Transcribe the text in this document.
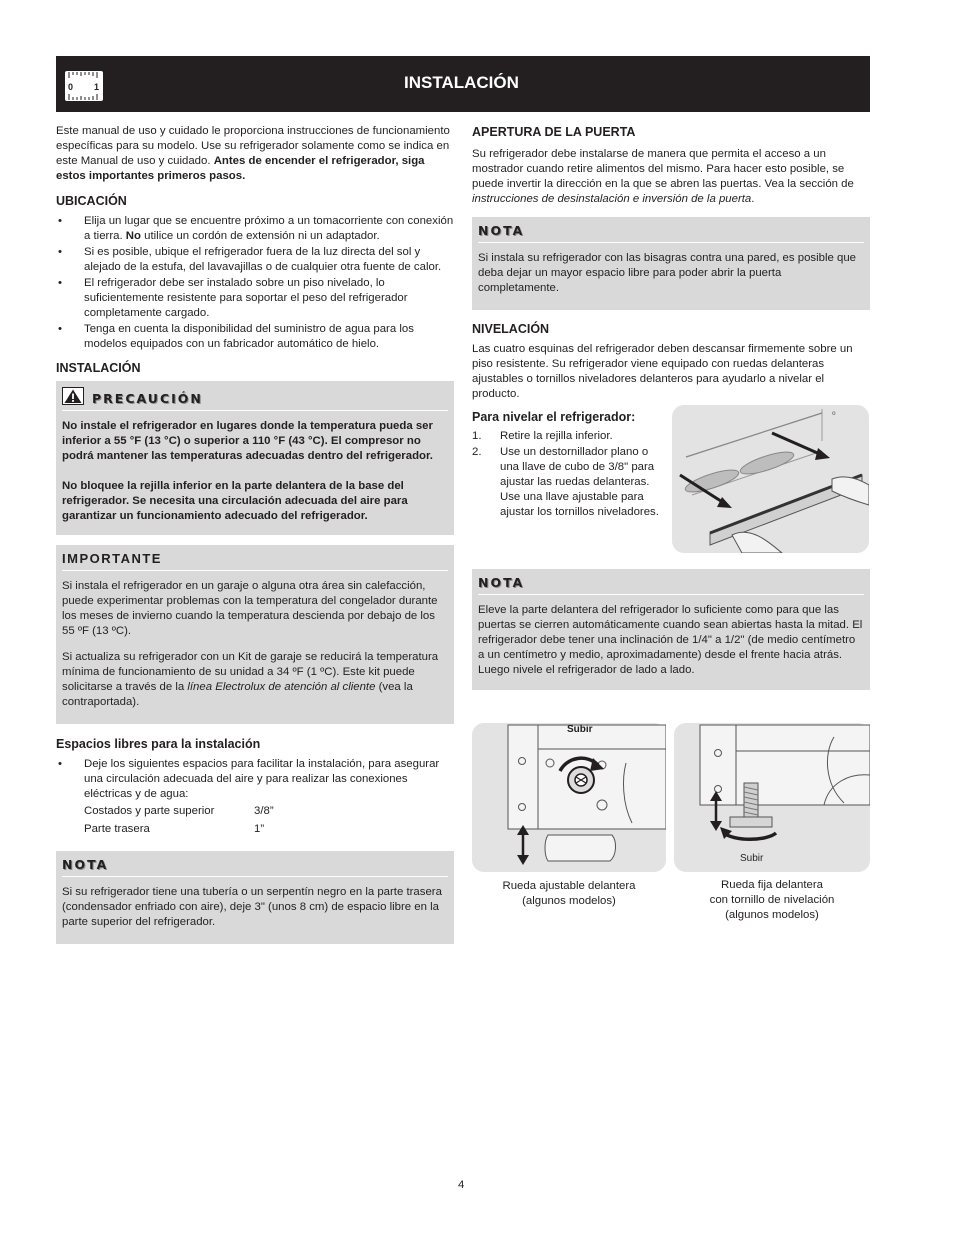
0 1	INSTALACIÓN

Este manual de uso y cuidado le proporciona instrucciones de funcionamiento específicas para su modelo. Use su refrigerador solamente como se indica en este Manual de uso y cuidado. Antes de encender el refrigerador, siga estos importantes primeros pasos.

UBICACIÓN
• Elija un lugar que se encuentre próximo a un tomacorriente con conexión a tierra. No utilice un cordón de extensión ni un adaptador.
• Si es posible, ubique el refrigerador fuera de la luz directa del sol y alejado de la estufa, del lavavajillas o de cualquier otra fuente de calor.
• El refrigerador debe ser instalado sobre un piso nivelado, lo suficientemente resistente para soportar el peso del refrigerador completamente cargado.
• Tenga en cuenta la disponibilidad del suministro de agua para los modelos equipados con un fabricador automático de hielo.
INSTALACIÓN
PRECAUCIÓN

No instale el refrigerador en lugares donde la temperatura pueda ser inferior a 55 °F (13 °C) o superior a 110 °F (43 °C). El compresor no podrá mantener las temperaturas adecuadas dentro del refrigerador.

No bloquee la rejilla inferior en la parte delantera de la base del refrigerador. Se necesita una circulación adecuada del aire para garantizar un funcionamiento adecuado del refrigerador.

IMPORTANTE

Si instala el refrigerador en un garaje o alguna otra área sin calefacción, puede experimentar problemas con la temperatura del congelador durante los meses de invierno cuando la temperatura descienda por debajo de los 55 ºF (13 ºC).

Si actualiza su refrigerador con un Kit de garaje se reducirá la temperatura mínima de funcionamiento de su unidad a 34 ºF (1 ºC). Este kit puede solicitarse a través de la línea Electrolux de atención al cliente (vea la contraportada).

Espacios libres para la instalación
• Deje los siguientes espacios para facilitar la instalación, para asegurar una circulación adecuada del aire y para realizar las conexiones eléctricas y de agua:
Costados y parte superior	3/8”
Parte trasera	1”
NOTA

Si su refrigerador tiene una tubería o un serpentín negro en la parte trasera (condensador enfriado con aire), deje 3" (unos 8 cm) de espacio libre en la parte superior del refrigerador.

APERTURA DE LA PUERTA

Su refrigerador debe instalarse de manera que permita el acceso a un mostrador cuando retire alimentos del mismo. Para hacer esto posible, se puede invertir la dirección en la que se abren las puertas. Vea la sección de instrucciones de desinstalación e inversión de la puerta.

NOTA

Si instala su refrigerador con las bisagras contra una pared, es posible que deba dejar un mayor espacio libre para poder abrir la puerta completamente.

NIVELACIÓN

Las cuatro esquinas del refrigerador deben descansar firmemente sobre un piso resistente. Su refrigerador viene equipado con ruedas delanteras ajustables o tornillos niveladores delanteros para ayudarlo a nivelar el producto.

Para nivelar el refrigerador:
1. Retire la rejilla inferior.
2. Use un destornillador plano o una llave de cubo de 3/8" para ajustar las ruedas delanteras. Use una llave ajustable para ajustar los tornillos niveladores.
o
NOTA

Eleve la parte delantera del refrigerador lo suficiente como para que las puertas se cierren automáticamente cuando sean abiertas hasta la mitad. El refrigerador debe tener una inclinación de 1/4" a 1/2" (de medio centímetro a un centímetro y medio, aproximadamente) desde el frente hacia atrás. Luego nivele el refrigerador de lado a lado.

Subir
Subir
Rueda ajustable delantera
(algunos modelos)
Rueda fija delantera
con tornillo de nivelación
(algunos modelos)
4
